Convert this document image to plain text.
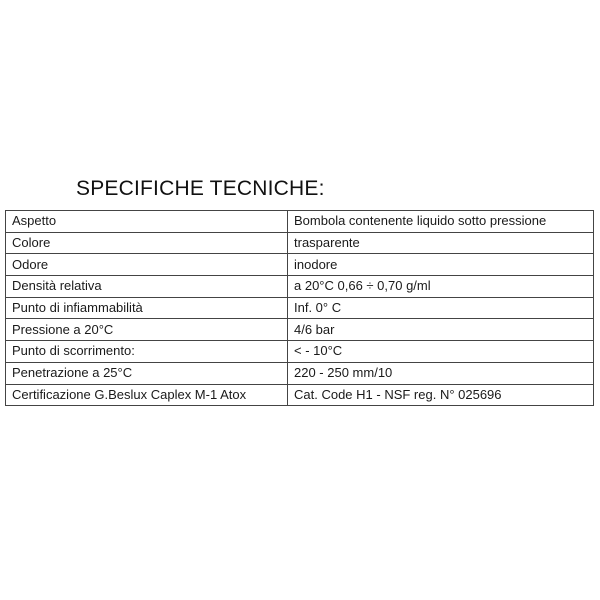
SPECIFICHE TECNICHE:
Aspetto	Bombola contenente liquido sotto pressione
Colore	trasparente
Odore	inodore
Densità relativa	a 20°C 0,66 ÷ 0,70 g/ml
Punto di infiammabilità	Inf. 0° C
Pressione a 20°C	4/6 bar
Punto di scorrimento:	< - 10°C
Penetrazione a 25°C	220 - 250 mm/10
Certificazione G.Beslux Caplex M-1 Atox	Cat. Code H1 - NSF reg. N° 025696
